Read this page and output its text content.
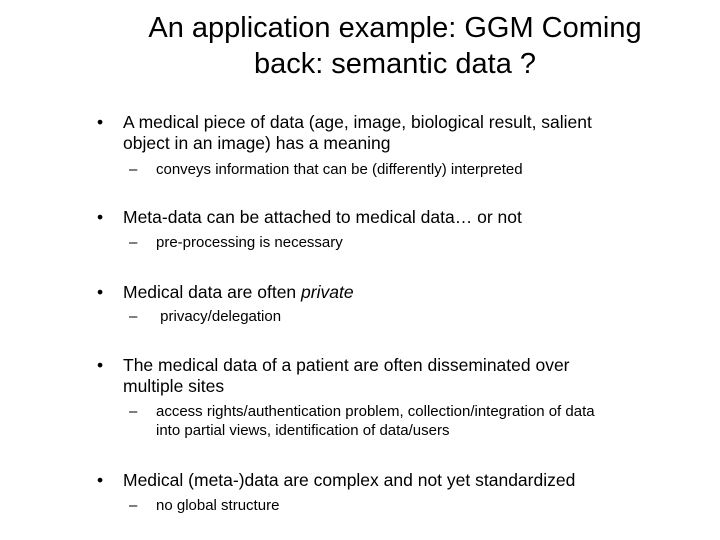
An application example: GGM Coming
back: semantic data ?
• A medical piece of data (age, image, biological result, salient
object in an image) has a meaning
– conveys information that can be (differently) interpreted
• Meta-data can be attached to medical data… or not
– pre-processing is necessary
• Medical data are often private
– privacy/delegation
• The medical data of a patient are often disseminated over
multiple sites
– access rights/authentication problem, collection/integration of data
into partial views, identification of data/users
• Medical (meta-)data are complex and not yet standardized
– no global structure
